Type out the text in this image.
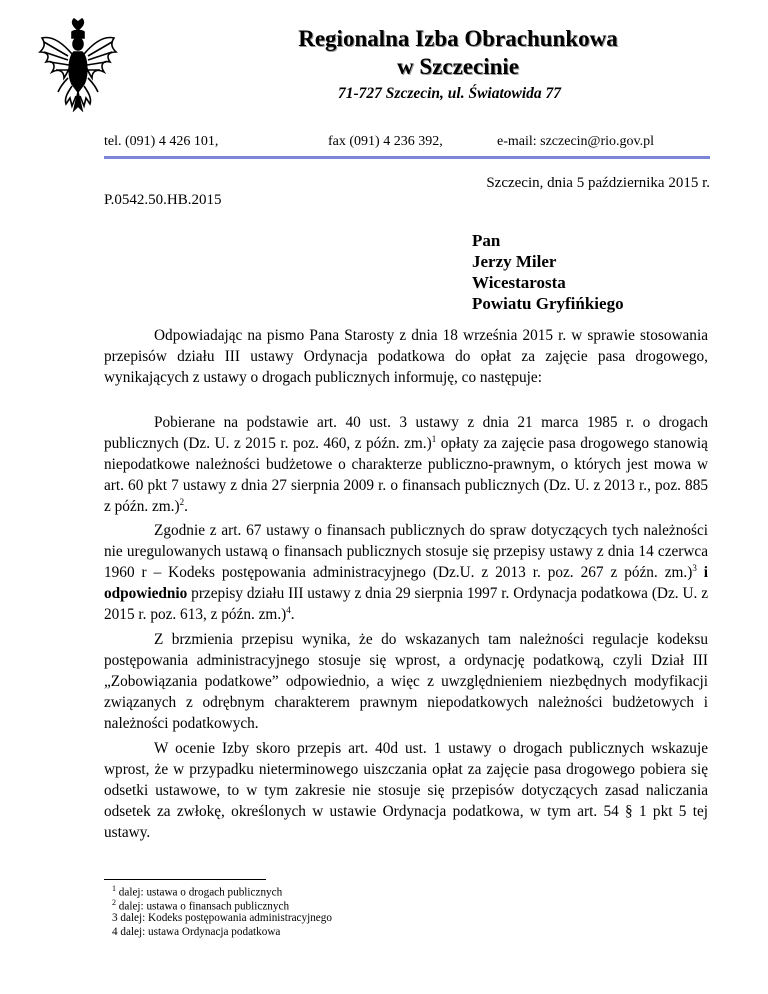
Regionalna Izba Obrachunkowa
w Szczecinie
71-727 Szczecin, ul. Światowida 77
tel. (091) 4 426 101,	fax (091) 4 236 392,	e-mail: szczecin@rio.gov.pl
Szczecin, dnia 5 października 2015 r.
P.0542.50.HB.2015
Pan
Jerzy Miler
Wicestarosta
Powiatu Gryfińkiego
Odpowiadając na pismo Pana Starosty z dnia 18 września 2015 r. w sprawie stosowania przepisów działu III ustawy Ordynacja podatkowa do opłat za zajęcie pasa drogowego, wynikających z ustawy o drogach publicznych informuję, co następuje:
Pobierane na podstawie art. 40 ust. 3 ustawy z dnia 21 marca 1985 r. o drogach publicznych (Dz. U. z 2015 r. poz. 460, z późn. zm.)$^1$ opłaty za zajęcie pasa drogowego stanowią niepodatkowe należności budżetowe o charakterze publiczno-prawnym, o których jest mowa w art. 60 pkt 7 ustawy z dnia 27 sierpnia 2009 r. o finansach publicznych (Dz. U. z 2013 r., poz. 885 z późn. zm.)$^2$.
Zgodnie z art. 67 ustawy o finansach publicznych do spraw dotyczących tych należności nie uregulowanych ustawą o finansach publicznych stosuje się przepisy ustawy z dnia 14 czerwca 1960 r – Kodeks postępowania administracyjnego (Dz.U. z 2013 r. poz. 267 z późn. zm.)$^3$ i odpowiednio przepisy działu III ustawy z dnia 29 sierpnia 1997 r. Ordynacja podatkowa (Dz. U. z 2015 r. poz. 613, z późn. zm.)$^4$.
Z brzmienia przepisu wynika, że do wskazanych tam należności regulacje kodeksu postępowania administracyjnego stosuje się wprost, a ordynację podatkową, czyli Dział III „Zobowiązania podatkowe” odpowiednio, a więc z uwzględnieniem niezbędnych modyfikacji związanych z odrębnym charakterem prawnym niepodatkowych należności budżetowych i należności podatkowych.
W ocenie Izby skoro przepis art. 40d ust. 1 ustawy o drogach publicznych wskazuje wprost, że w przypadku nieterminowego uiszczania opłat za zajęcie pasa drogowego pobiera się odsetki ustawowe, to w tym zakresie nie stosuje się przepisów dotyczących zasad naliczania odsetek za zwłokę, określonych w ustawie Ordynacja podatkowa, w tym art. 54 § 1 pkt 5 tej ustawy.
$^1$ dalej: ustawa o drogach publicznych
$^2$ dalej: ustawa o finansach publicznych
3 dalej: Kodeks postępowania administracyjnego
4 dalej: ustawa Ordynacja podatkowa
